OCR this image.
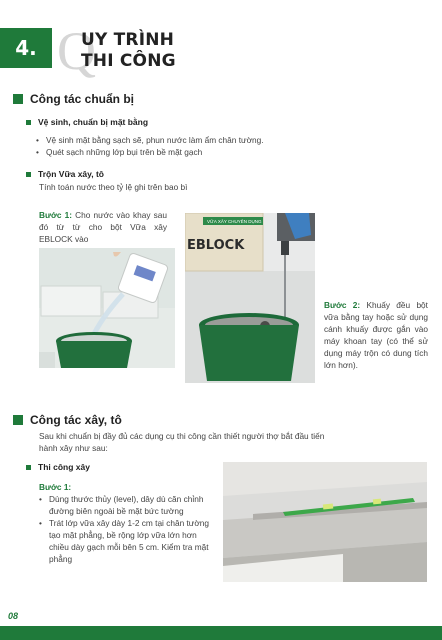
4. Q
UY TRÌNH
THI CÔNG
Công tác chuẩn bị
Vệ sinh, chuẩn bị mặt bằng
• Vệ sinh mặt bằng sạch sẽ, phun nước làm ẩm chân tường.
• Quét sạch những lớp bụi trên bề mặt gạch
Trộn Vữa xây, tô
Tính toán nước theo tỷ lệ ghi trên bao bì
Bước 1: Cho nước vào khay sau đó từ từ cho bột Vữa xây EBLOCK vào
VỮA XÂY CHUYÊN DỤNG
EBLOCK
Bước 2: Khuấy đều bột vữa bằng tay hoặc sử dụng cánh khuấy được gắn vào máy khoan tay (có thể sử dụng máy trộn có dung tích lớn hơn).
Công tác xây, tô
Sau khi chuẩn bị đầy đủ các dụng cụ thi công cần thiết người thợ bắt đầu tiến hành xây như sau:
Thi công xây
Bước 1:
• Dùng thước thủy (level), dây dù căn chỉnh đường biên ngoài bề mặt bức tường
• Trát lớp vữa xây dày 1-2 cm tại chân tường tạo mặt phẳng, bề rộng lớp vữa lớn hơn chiều dày gạch mỗi bên 5 cm. Kiểm tra mặt phẳng
08
